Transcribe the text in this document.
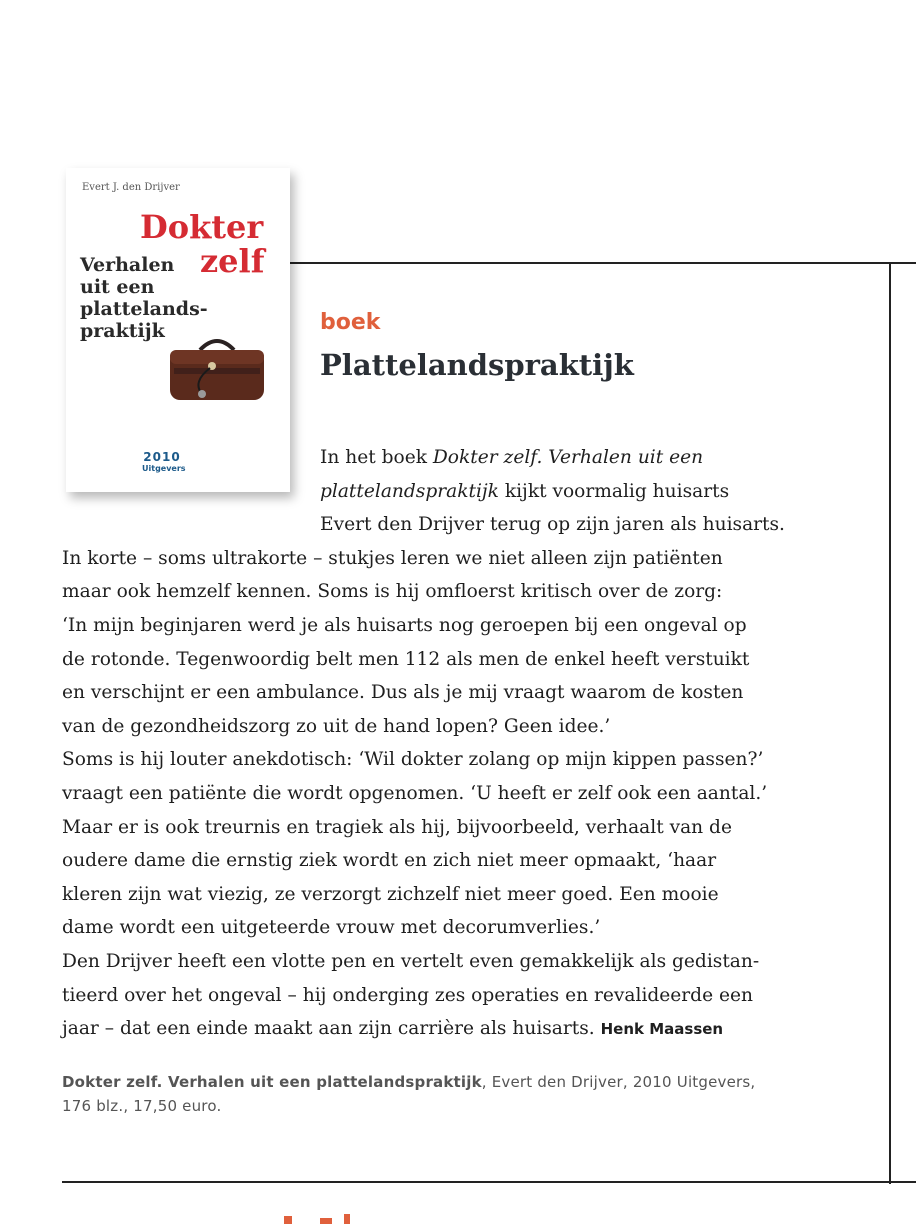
Evert J. den Drijver
Dokter
zelf
Verhalen
uit een
plattelands-
praktijk
2010
Uitgevers
boek
Plattelandspraktijk

In het boek Dokter zelf. Verhalen uit een

plattelandspraktijk kijkt voormalig huisarts

Evert den Drijver terug op zijn jaren als huisarts.

In korte – soms ultrakorte – stukjes leren we niet alleen zijn patiënten

maar ook hemzelf kennen. Soms is hij omfloerst kritisch over de zorg:

‘In mijn beginjaren werd je als huisarts nog geroepen bij een ongeval op

de rotonde. Tegenwoordig belt men 112 als men de enkel heeft verstuikt

en verschijnt er een ambulance. Dus als je mij vraagt waarom de kosten

van de gezondheidszorg zo uit de hand lopen? Geen idee.’

Soms is hij louter anekdotisch: ‘Wil dokter zolang op mijn kippen passen?’

vraagt een patiënte die wordt opgenomen. ‘U heeft er zelf ook een aantal.’

Maar er is ook treurnis en tragiek als hij, bijvoorbeeld, verhaalt van de

oudere dame die ernstig ziek wordt en zich niet meer opmaakt, ‘haar

kleren zijn wat viezig, ze verzorgt zichzelf niet meer goed. Een mooie

dame wordt een uitgeteerde vrouw met decorumverlies.’

Den Drijver heeft een vlotte pen en vertelt even gemakkelijk als gedistan-

tieerd over het ongeval – hij onderging zes operaties en revalideerde een

jaar – dat een einde maakt aan zijn carrière als huisarts. Henk Maassen

Dokter zelf. Verhalen uit een plattelandspraktijk, Evert den Drijver, 2010 Uitgevers,
176 blz., 17,50 euro.
